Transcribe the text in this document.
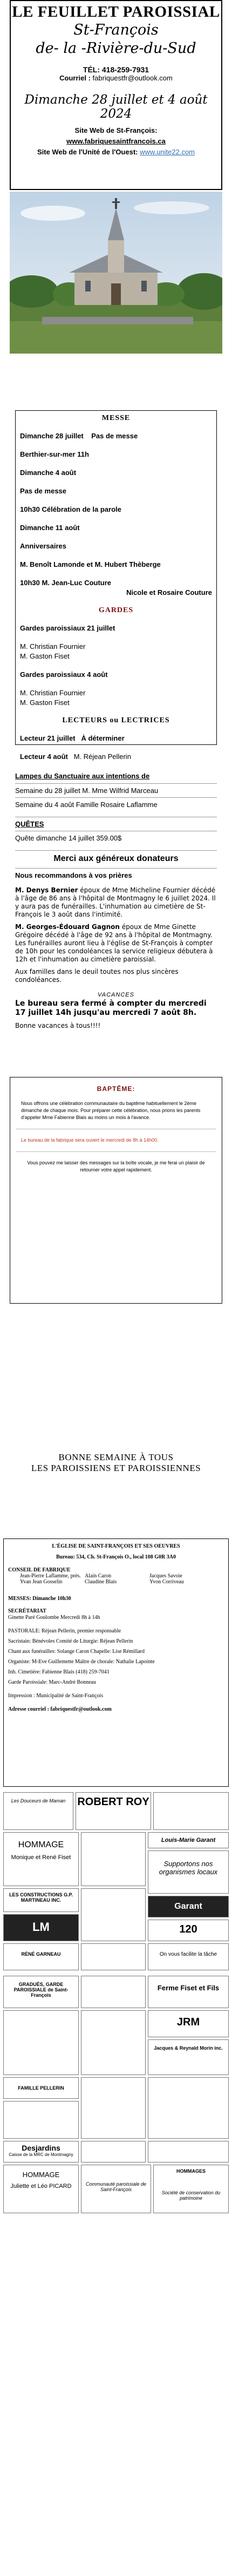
LE FEUILLET PAROISSIAL
St-François
de- la -Rivière-du-Sud
TÉL: 418-259-7931
Courriel : fabriquestfr@outlook.com
Dimanche 28 juillet et 4 août 2024
Site Web de St-François:
www.fabriquesaintfrancois.ca
Site Web de l'Unité de l'Ouest: www.unite22.com
MESSE

Dimanche 28 juillet Pas de messe

Berthier-sur-mer 11h

Dimanche 4 août

Pas de messe

10h30 Célébration de la parole

Dimanche 11 août

Anniversaires

M. Benoît Lamonde et M. Hubert Thèberge

10h30 M. Jean-Luc Couture

Nicole et Rosaire Couture

GARDES

Gardes paroissiaux 21 juillet

M. Christian Fournier

M. Gaston Fiset

Gardes paroissiaux 4 août

M. Christian Fournier

M. Gaston Fiset

LECTEURS ou LECTRICES

Lecteur 21 juillet À déterminer

Lecteur 4 août M. Réjean Pellerin

Lampes du Sanctuaire aux intentions de
Semaine du 28 juillet M. Mme Wilfrid Marceau
Semaine du 4 août Famille Rosaire Laflamme
QUÊTES
Quête dimanche 14 juillet 359.00$
Merci aux généreux donateurs
Nous recommandons à vos prières
M. Denys Bernier époux de Mme Micheline Fournier décédé à l'âge de 86 ans à l'hôpital de Montmagny le 6 juillet 2024. Il y aura pas de funérailles. L'inhumation au cimetière de St-François le 3 août dans l'intimité.
M. Georges-Édouard Gagnon époux de Mme Ginette Grégoire décédé à l'âge de 92 ans à l'hôpital de Montmagny. Les funérailles auront lieu à l'église de St-François à compter de 10h pour les condoléances la service religieux débutera à 12h et l'inhumation au cimetière paroissial.
Aux familles dans le deuil toutes nos plus sincères condoléances.
VACANCES
Le bureau sera fermé à compter du mercredi 17 juillet 14h jusqu'au mercredi 7 août 8h.
Bonne vacances à tous!!!!
BAPTÊME:
Nous offrons une célébration communautaire du baptême habituellement le 2ème dimanche de chaque mois. Pour préparer cette célébration, nous prions les parents d'appeler Mme Fabienne Blais au moins un mois à l'avance.
Le bureau de la fabrique sera ouvert le mercredi de 8h à 14h00.
Vous pouvez me laisser des messages sur la boîte vocale, je me ferai un plaisir de retourner votre appel rapidement.
BONNE SEMAINE À TOUS
LES PAROISSIENS ET PAROISSIENNES
L'ÉGLISE DE SAINT-FRANÇOIS ET SES OEUVRES
Bureau: 534, Ch. St-François O., local 108 G0R 3A0
CONSEIL DE FABRIQUE
Jean-Pierre Laflamme, prés. Alain Caron	Jacques Savoie
Yvan Jean Gosselin	Claudine Blais	Yvon Corriveau
MESSES: Dimanche 10h30
SECRÉTARIAT
Ginette Paré Goulombe Mercredi 8h à 14h
PASTORALE: Réjean Pellerin, premier responsable
Sacristain: Bénévoles Comité de Liturgie: Réjean Pellerin
Chant aux funérailles: Solange Caron Chapelle: Lise Rémillard
Organiste: M-Eve Guillemette Maître de chorale: Nathalie Lapointe
Inh. Cimetière: Fabienne Blais (418) 259-7041
Garde Paroissiale: Marc-André Bonneau
Impression : Municipalité de Saint-François
Adresse courriel : fabriquestfr@outlook.com
Les Douceurs de Maman	ROBERT ROY
HOMMAGE
Monique et René Fiset
Louis-Marie Garant
Supportons nos organismes locaux
LES CONSTRUCTIONS G.P. MARTINEAU INC.
LM
Garant
120
RÉNÉ GARNEAU	On vous facilite la tâche
GRADUÉS, GARDE PAROISSIALE de Saint-François
Ferme Fiset et Fils
JRM
Jacques & Reynald Morin inc.
FAMILLE PELLERIN
Desjardins
Caisse de la MRC de Montmagny
HOMMAGE
Juliette et Léo PICARD	Communauté paroissiale de Saint-François
HOMMAGES
Société de conservation du patrimoine
